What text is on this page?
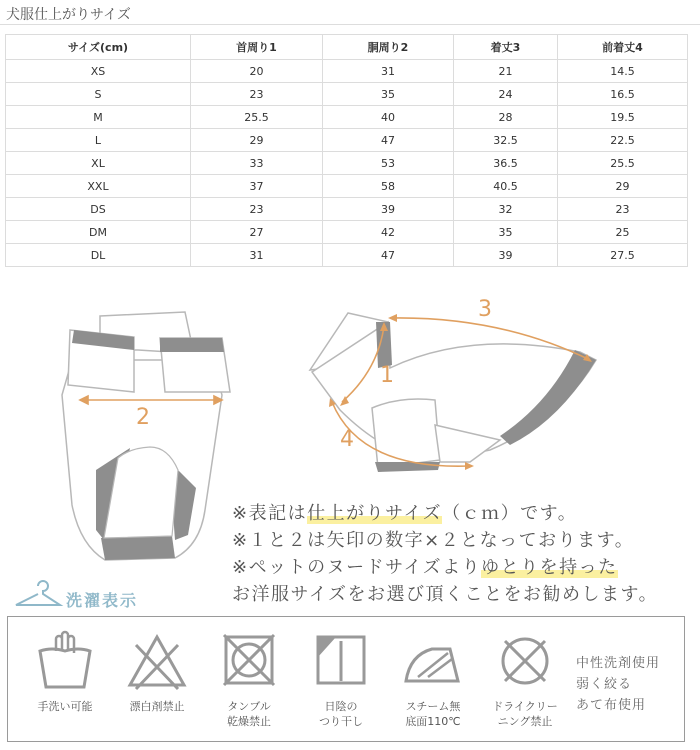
犬服仕上がりサイズ
サイズ(cm)	首周り1	胴周り2	着丈3	前着丈4
XS	20	31	21	14.5
S	23	35	24	16.5
M	25.5	40	28	19.5
L	29	47	32.5	22.5
XL	33	53	36.5	25.5
XXL	37	58	40.5	29
DS	23	39	32	23
DM	27	42	35	25
DL	31	47	39	27.5
2
1
3
4
※表記は仕上がりサイズ（ｃｍ）です。
※１と２は矢印の数字×２となっております。
※ペットのヌードサイズよりゆとりを持った
お洋服サイズをお選び頂くことをお勧めします。
洗濯表示
手洗い可能	漂白剤禁止	タンブル
乾燥禁止
日陰の
つり干し
スチーム無
底面110℃
ドライクリー
ニング禁止
中性洗剤使用
弱く絞る
あて布使用
